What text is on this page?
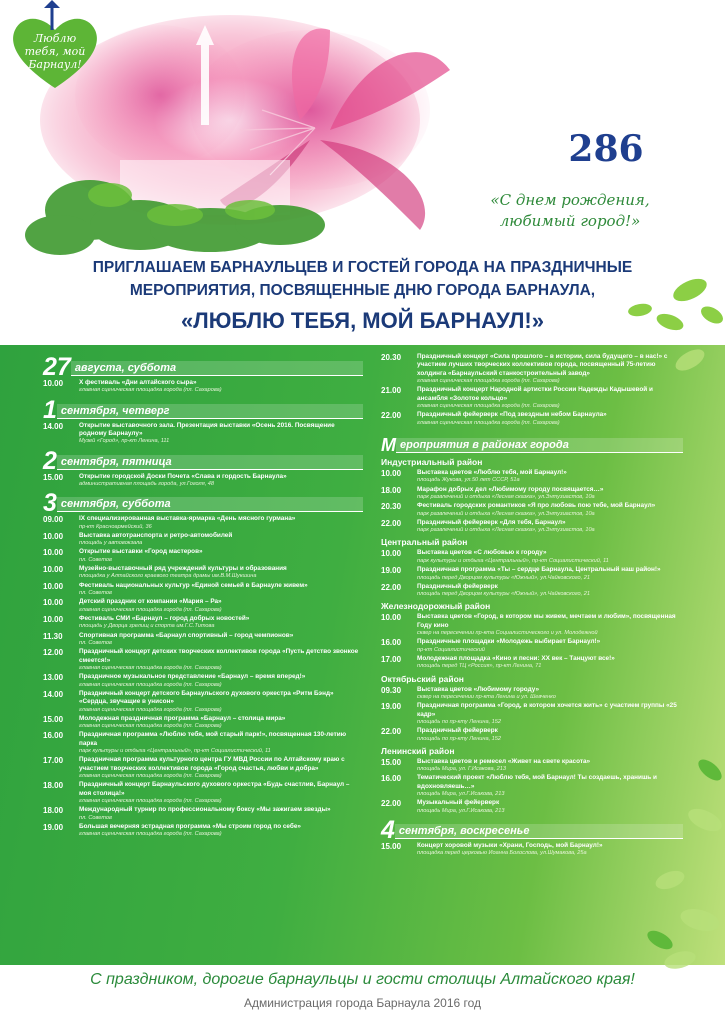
Люблю
тебя, мой
Барнаул!
286
«С днем рождения,
любимый город!»
ПРИГЛАШАЕМ БАРНАУЛЬЦЕВ И ГОСТЕЙ ГОРОДА НА ПРАЗДНИЧНЫЕ
МЕРОПРИЯТИЯ, ПОСВЯЩЕННЫЕ ДНЮ ГОРОДА БАРНАУЛА,
«ЛЮБЛЮ ТЕБЯ, МОЙ БАРНАУЛ!»
27 августа, суббота
10.00	X фестиваль «Дни алтайского сыра»
главная сценическая площадка города (пл. Сахарова)
1 сентября, четверг
14.00	Открытие выставочного зала. Презентация выставки «Осень 2016. Посвящение родному Барнаулу»
Музей «Город», пр-кт Ленина, 111
2 сентября, пятница
15.00	Открытие городской Доски Почета «Слава и гордость Барнаула»
административная площадь города, ул.Гоголя, 48
3 сентября, суббота
09.00	IX специализированная выставка-ярмарка «День мясного гурмана»
пр-кт Красноармейский, 36
10.00	Выставка автотранспорта и ретро-автомобилей
площадь у автовокзала
10.00	Открытие выставки «Город мастеров»
пл. Советов
10.00	Музейно-выставочный ряд учреждений культуры и образования
площадка у Алтайского краевого театра драмы им.В.М.Шукшина
10.00	Фестиваль национальных культур «Единой семьей в Барнауле живем»
пл. Советов
10.00	Детский праздник от компании «Мария – Ра»
главная сценическая площадка города (пл. Сахарова)
10.00	Фестиваль СМИ «Барнаул – город добрых новостей»
площадь у Дворца зрелищ и спорта им.Г.С.Титова
11.30	Спортивная программа «Барнаул спортивный – город чемпионов»
пл. Советов
12.00	Праздничный концерт детских творческих коллективов города «Пусть детство звонкое смеется!»
главная сценическая площадка города (пл. Сахарова)
13.00	Праздничное музыкальное представление «Барнаул – время вперед!»
главная сценическая площадка города (пл. Сахарова)
14.00	Праздничный концерт детского Барнаульского духового оркестра «Ритм Бэнд» «Сердца, звучащие в унисон»
главная сценическая площадка города (пл. Сахарова)
15.00	Молодежная праздничная программа «Барнаул – столица мира»
главная сценическая площадка города (пл. Сахарова)
16.00	Праздничная программа «Люблю тебя, мой старый парк!», посвященная 130-летию парка
парк культуры и отдыха «Центральный», пр-кт Социалистический, 11
17.00	Праздничная программа культурного центра ГУ МВД России по Алтайскому краю с участием творческих коллективов города «Город счастья, любви и добра»
главная сценическая площадка города (пл. Сахарова)
18.00	Праздничный концерт Барнаульского духового оркестра «Будь счастлив, Барнаул – моя столица!»
главная сценическая площадка города (пл. Сахарова)
18.00	Международный турнир по профессиональному боксу «Мы зажигаем звезды»
пл. Советов
19.00	Большая вечерняя эстрадная программа «Мы строим город по себе»
главная сценическая площадка города (пл. Сахарова)
20.30	Праздничный концерт «Сила прошлого – в истории, сила будущего – в нас!» с участием лучших творческих коллективов города, посвященный 75-летию холдинга «Барнаульский станкостроительный завод»
главная сценическая площадка города (пл. Сахарова)
21.00	Праздничный концерт Народной артистки России Надежды Кадышевой и ансамбля «Золотое кольцо»
главная сценическая площадка города (пл. Сахарова)
22.00	Праздничный фейерверк «Под звездным небом Барнаула»
главная сценическая площадка города (пл. Сахарова)
М ероприятия в районах города
Индустриальный район
10.00	Выставка цветов «Люблю тебя, мой Барнаул!»
площадь Жукова, ул.50 лет СССР, 51а
18.00	Марафон добрых дел «Любимому городу посвящается…»
парк развлечений и отдыха «Лесная сказка», ул.Энтузиастов, 10а
20.30	Фестиваль городских романтиков «Я про любовь пою тебе, мой Барнаул»
парк развлечений и отдыха «Лесная сказка», ул.Энтузиастов, 10а
22.00	Праздничный фейерверк «Для тебя, Барнаул»
парк развлечений и отдыха «Лесная сказка», ул.Энтузиастов, 10а
Центральный район
10.00	Выставка цветов «С любовью к городу»
парк культуры и отдыха «Центральный», пр-кт Социалистический, 11
19.00	Праздничная программа «Ты – сердце Барнаула, Центральный наш район!»
площадь перед Дворцом культуры «Южный», ул.Чайковского, 21
22.00	Праздничный фейерверк
площадь перед Дворцом культуры «Южный», ул.Чайковского, 21
Железнодорожный район
10.00	Выставка цветов «Город, в котором мы живем, мечтаем и любим», посвященная Году кино
сквер на пересечении пр-кта Социалистического и ул. Молодежной
16.00	Праздничные площадки «Молодежь выбирает Барнаул!»
пр-кт Социалистический
17.00	Молодежная площадка «Кино и песни: XX век – Танцуют все!»
площадь перед ТЦ «Россия», пр-кт Ленина, 71
Октябрьский район
09.30	Выставка цветов «Любимому городу»
сквер на пересечении пр-кта Ленина и ул. Шевченко
19.00	Праздничная программа «Город, в котором хочется жить» с участием группы «25 кадр»
площадь по пр-кту Ленина, 152
22.00	Праздничный фейерверк
площадь по пр-кту Ленина, 152
Ленинский район
15.00	Выставка цветов и ремесел «Живет на свете красота»
площадь Мира, ул. Г.Исакова, 213
16.00	Тематический проект «Люблю тебя, мой Барнаул! Ты создаешь, хранишь и вдохновляешь…»
площадь Мира, ул.Г.Исакова, 213
22.00	Музыкальный фейерверк
площадь Мира, ул.Г.Исакова, 213
4 сентября, воскресенье
15.00	Концерт хоровой музыки «Храни, Господь, мой Барнаул!»
площадка перед церковью Иоанна Богослова, ул.Шумакова, 25а
С праздником, дорогие барнаульцы и гости столицы Алтайского края!
Администрация города Барнаула 2016 год
